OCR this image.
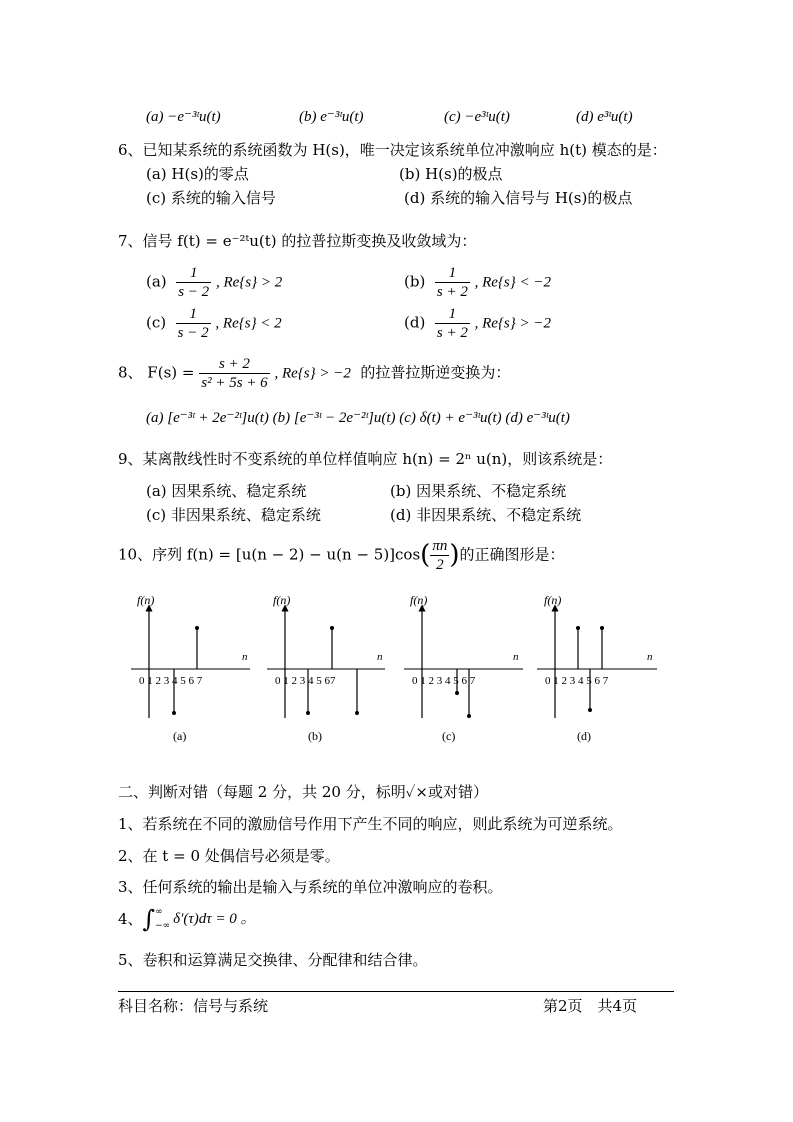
(a) −e⁻³ᵗu(t)	(b) e⁻³ᵗu(t)	(c) −e³ᵗu(t)	(d) e³ᵗu(t)
6、已知某系统的系统函数为 H(s)，唯一决定该系统单位冲激响应 h(t) 模态的是：
(a) H(s)的零点	(b) H(s)的极点
(c) 系统的输入信号	(d) 系统的输入信号与 H(s)的极点
7、信号 f(t) = e⁻²ᵗu(t) 的拉普拉斯变换及收敛域为：
$(a) \frac{1}{s - 2}$ , Re{s} > 2	$(b) \frac{1}{s + 2}$ , Re{s} < −2
$(c) \frac{1}{s - 2}$ , Re{s} < 2	$(d) \frac{1}{s + 2}$ , Re{s} > −2
8、 $F(s) = \frac{s + 2}{\text{s² + 5s + 6}}$ , Re{s} > −2 的拉普拉斯逆变换为：
(a) [e⁻³ᵗ + 2e⁻²ᵗ]u(t) (b) [e⁻³ᵗ − 2e⁻²ᵗ]u(t) (c) δ(t) + e⁻³ᵗu(t) (d) e⁻³ᵗu(t)
9、某离散线性时不变系统的单位样值响应 h(n) = 2ⁿ u(n)，则该系统是：
(a) 因果系统、稳定系统	(b) 因果系统、不稳定系统
(c) 非因果系统、稳定系统	(d) 非因果系统、不稳定系统
10、序列 $f(n) = [u(n - 2) - u(n - 5)]\cos( \frac{\pi n}{2}$ )的正确图形是：
f(n)
n
0 1 2 3 4 5 6 7
(a)
f(n)
n
0 1 2 3 4 5 67
(b)
f(n)
n
0 1 2 3 4 5 6 7
(c)
f(n)
n
0 1 2 3 4 5 6 7
(d)
二、判断对错（每题 2 分，共 20 分，标明✓×或对错）
1、若系统在不同的激励信号作用下产生不同的响应，则此系统为可逆系统。
2、在 t = 0 处偶信号必须是零。
3、任何系统的输出是输入与系统的单位冲激响应的卷积。
4、∫ ∞
−∞ δ′(τ)dτ = 0 。
5、卷积和运算满足交换律、分配律和结合律。
科目名称：信号与系统	第2页　共4页
